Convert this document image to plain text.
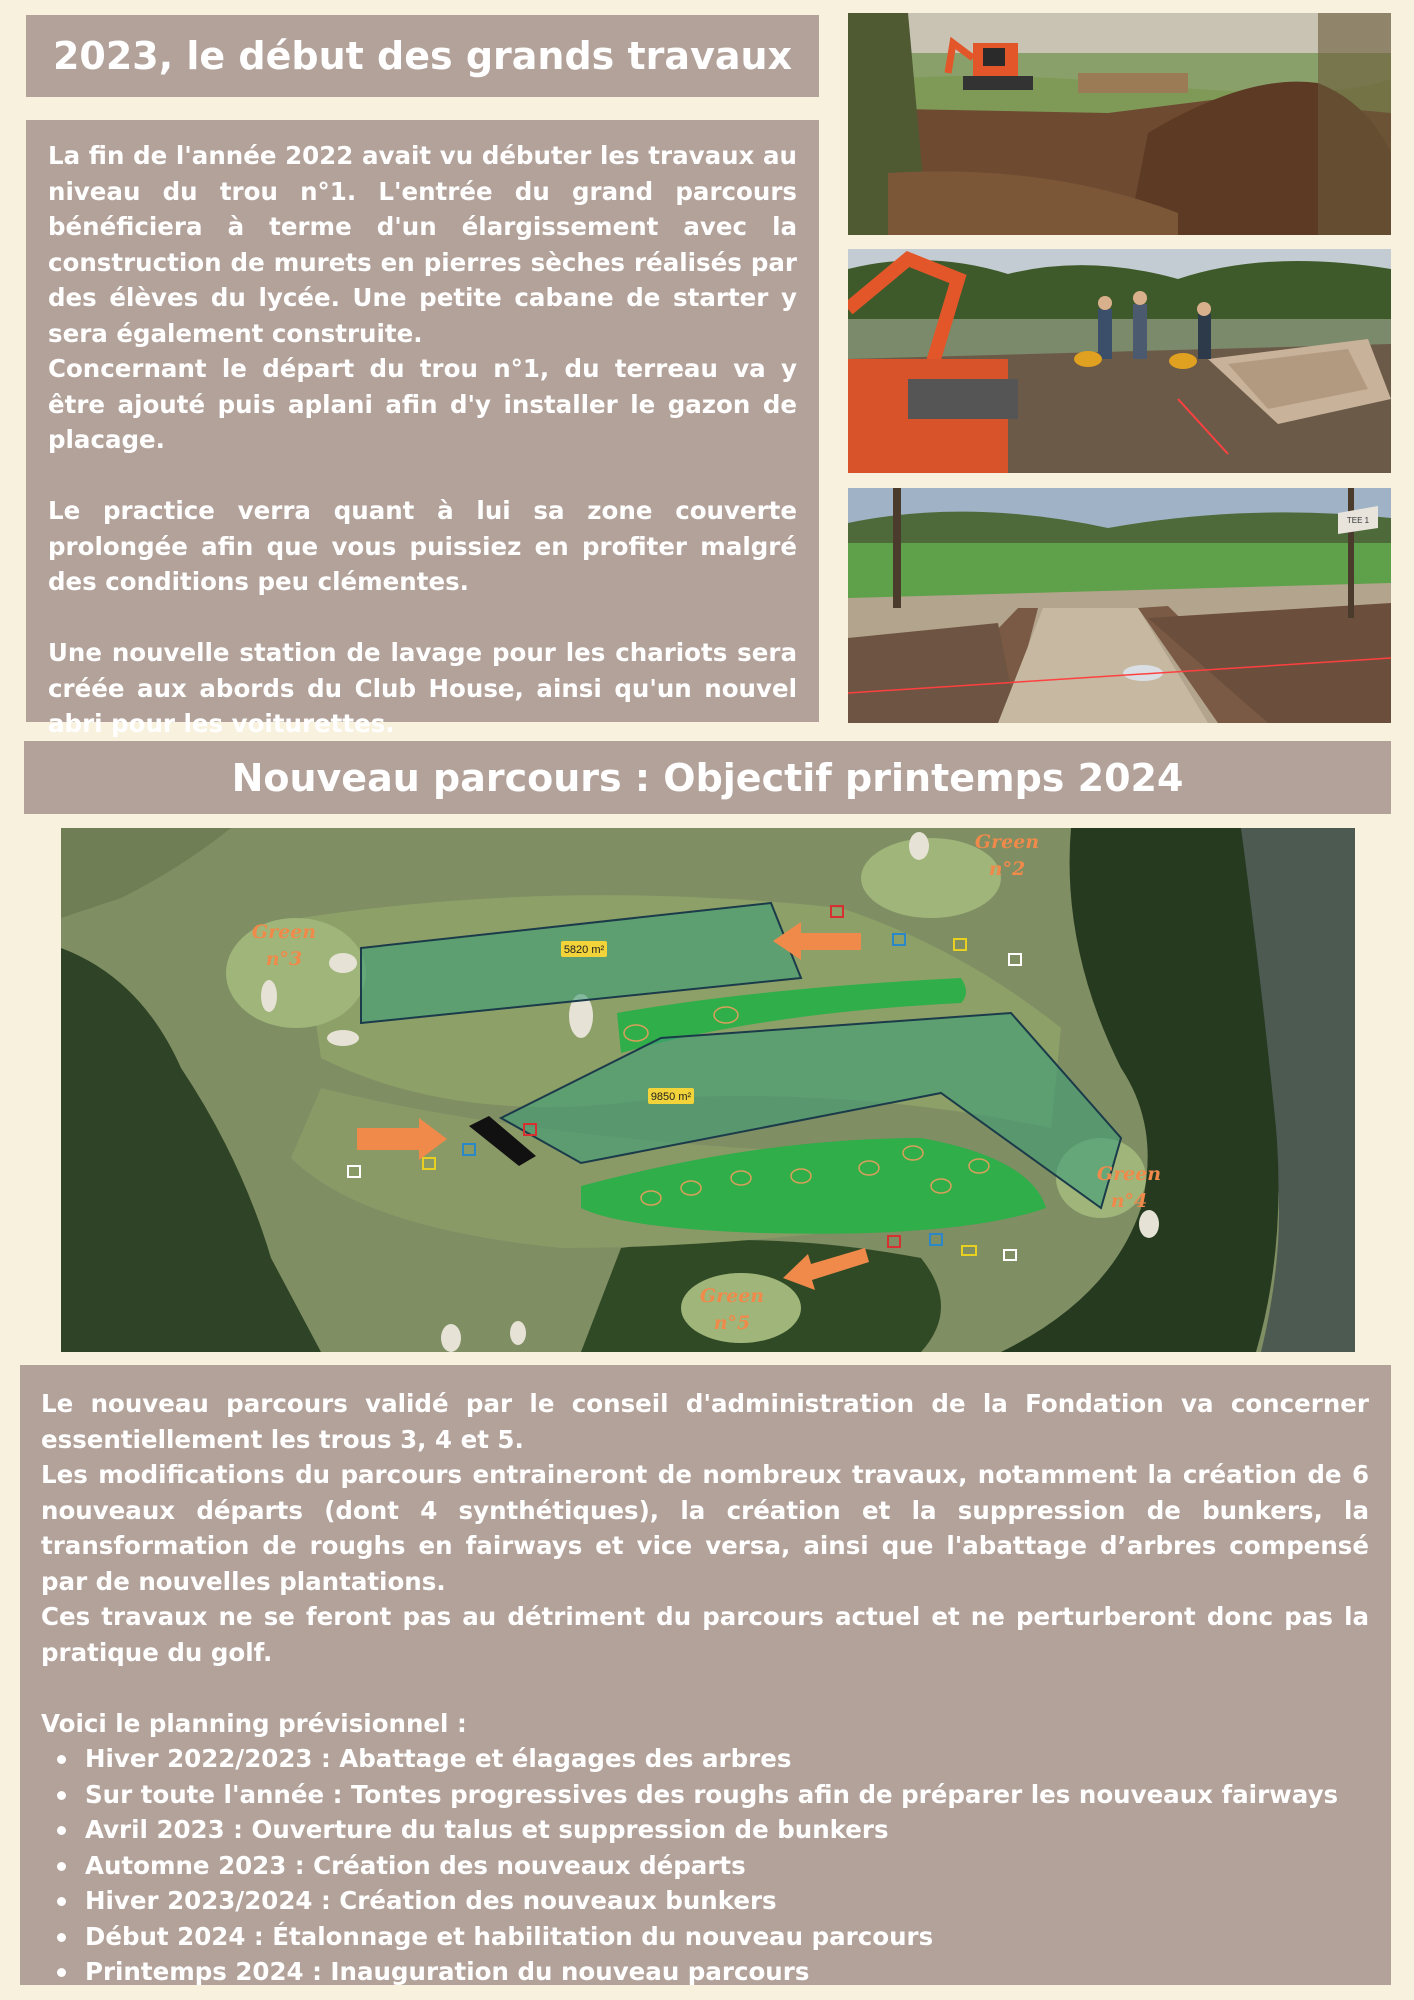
2023, le début des grands travaux

La fin de l'année 2022 avait vu débuter les travaux au niveau du trou n°1. L'entrée du grand parcours bénéficiera à terme d'un élargissement avec la construction de murets en pierres sèches réalisés par des élèves du lycée. Une petite cabane de starter y sera également construite.

Concernant le départ du trou n°1, du terreau va y être ajouté puis aplani afin d'y installer le gazon de placage.

Le practice verra quant à lui sa zone couverte prolongée afin que vous puissiez en profiter malgré des conditions peu clémentes.

Une nouvelle station de lavage pour les chariots sera créée aux abords du Club House, ainsi qu'un nouvel abri pour les voiturettes.

TEE 1
Nouveau parcours : Objectif printemps 2024
5820 m²
9850 m²
Green
n°2
Green
n°3
Green
n°4
Green
n°5

Le nouveau parcours validé par le conseil d'administration de la Fondation va concerner essentiellement les trous 3, 4 et 5.

Les modifications du parcours entraineront de nombreux travaux, notamment la création de 6 nouveaux départs (dont 4 synthétiques), la création et la suppression de bunkers, la transformation de roughs en fairways et vice versa, ainsi que l'abattage d’arbres compensé par de nouvelles plantations.

Ces travaux ne se feront pas au détriment du parcours actuel et ne perturberont donc pas la pratique du golf.

Voici le planning prévisionnel :

Hiver 2022/2023 : Abattage et élagages des arbres
Sur toute l'année : Tontes progressives des roughs afin de préparer les nouveaux fairways
Avril 2023 : Ouverture du talus et suppression de bunkers
Automne 2023 : Création des nouveaux départs
Hiver 2023/2024 : Création des nouveaux bunkers
Début 2024 : Étalonnage et habilitation du nouveau parcours
Printemps 2024 : Inauguration du nouveau parcours
